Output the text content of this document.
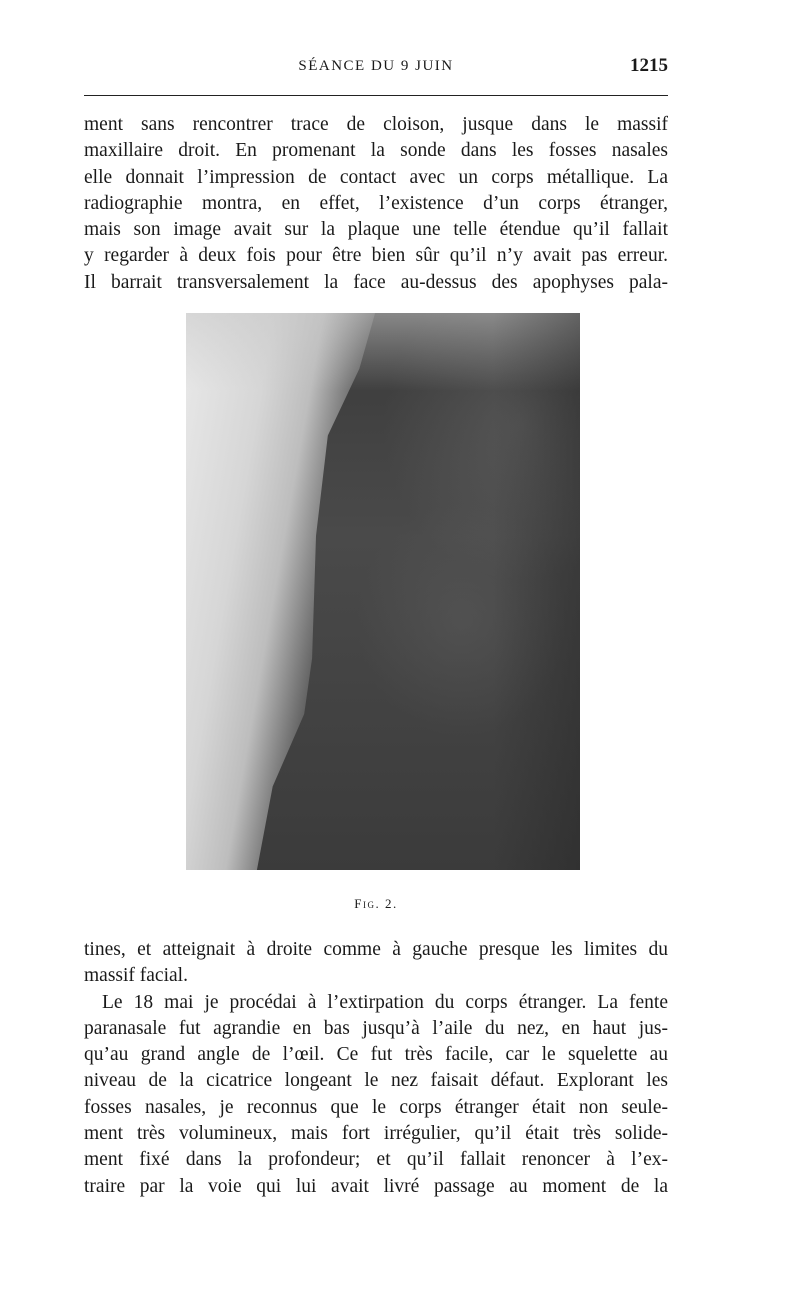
SÉANCE DU 9 JUIN	1215
ment sans rencontrer trace de cloison, jusque dans le massif
maxillaire droit. En promenant la sonde dans les fosses nasales
elle donnait l’impression de contact avec un corps métallique. La
radiographie montra, en effet, l’existence d’un corps étranger,
mais son image avait sur la plaque une telle étendue qu’il fallait
y regarder à deux fois pour être bien sûr qu’il n’y avait pas erreur.
Il barrait transversalement la face au-dessus des apophyses pala-
Fig. 2.
tines, et atteignait à droite comme à gauche presque les limites du
massif facial.
Le 18 mai je procédai à l’extirpation du corps étranger. La fente
paranasale fut agrandie en bas jusqu’à l’aile du nez, en haut jus-
qu’au grand angle de l’œil. Ce fut très facile, car le squelette au
niveau de la cicatrice longeant le nez faisait défaut. Explorant les
fosses nasales, je reconnus que le corps étranger était non seule-
ment très volumineux, mais fort irrégulier, qu’il était très solide-
ment fixé dans la profondeur; et qu’il fallait renoncer à l’ex-
traire par la voie qui lui avait livré passage au moment de la
